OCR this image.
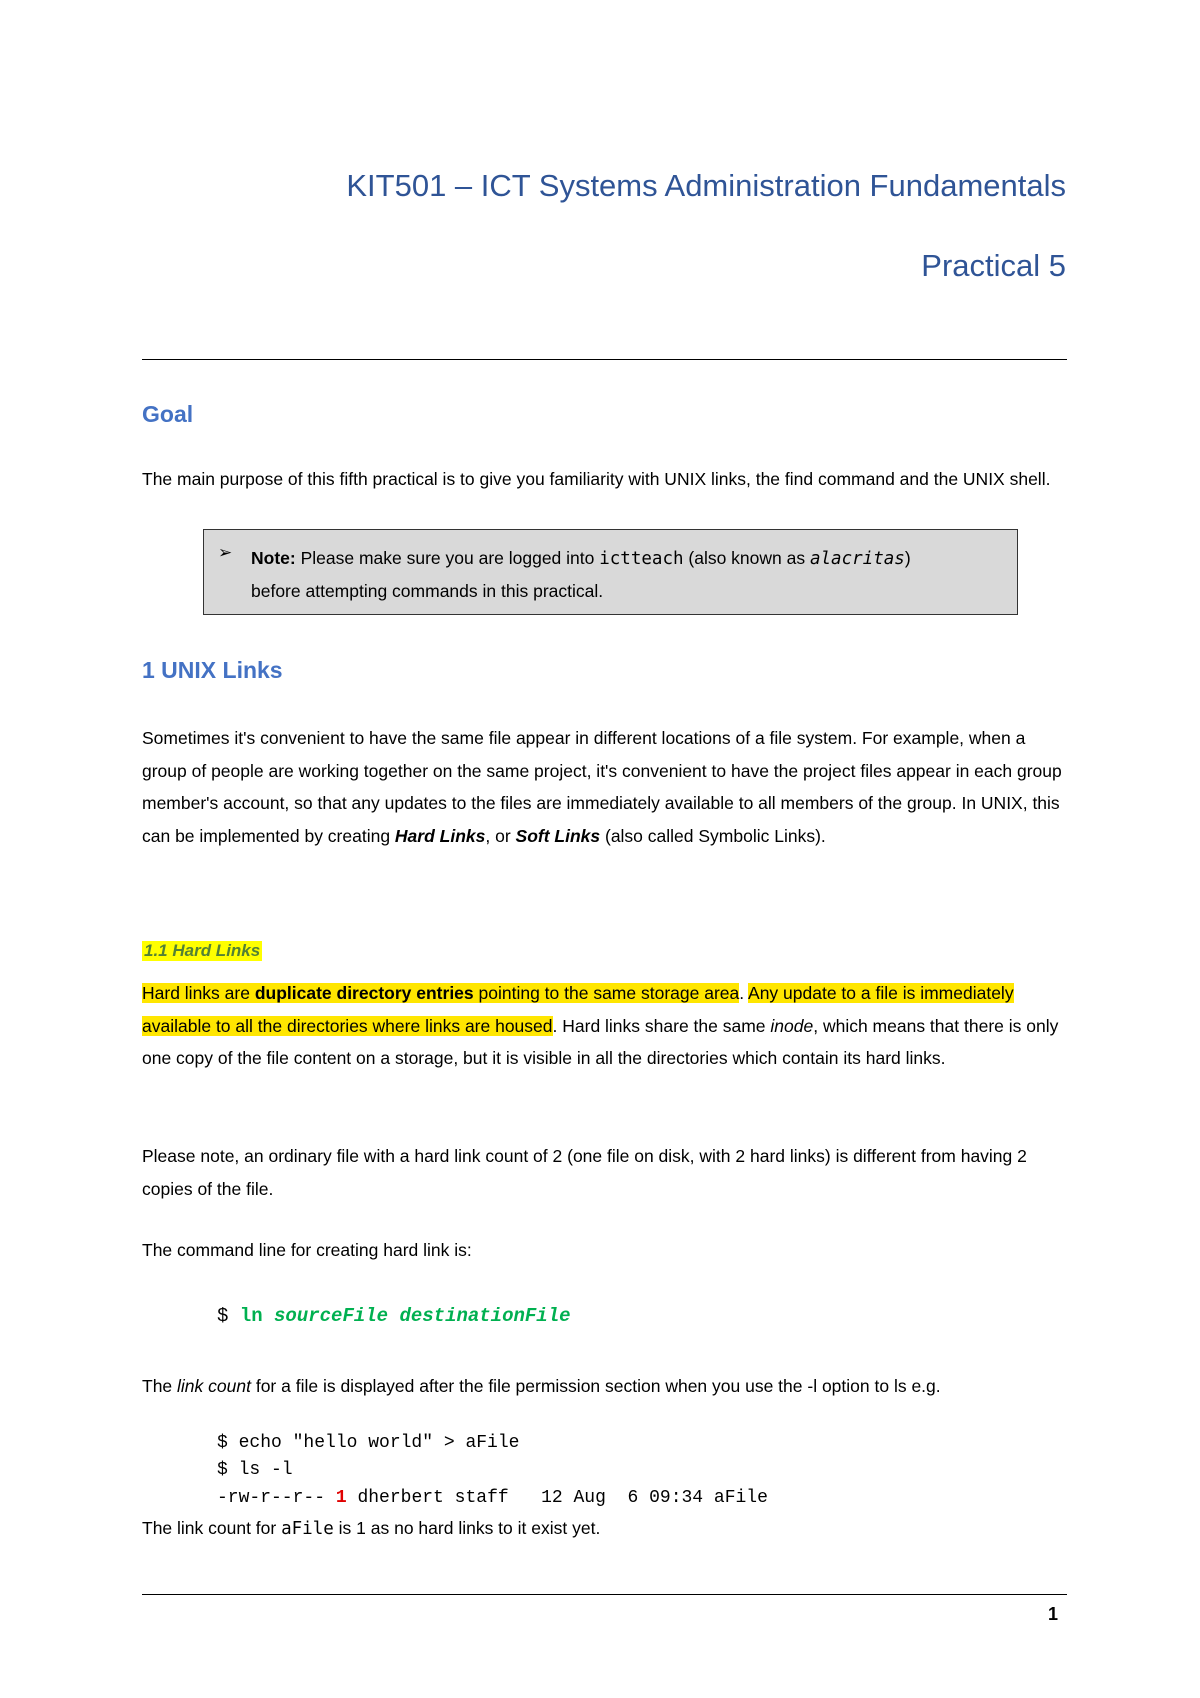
KIT501 – ICT Systems Administration Fundamentals
Practical 5
Goal

The main purpose of this fifth practical is to give you familiarity with UNIX links, the find command and the UNIX shell.

➢ Note: Please make sure you are logged into ictteach (also known as alacritas) before attempting commands in this practical.

1 UNIX Links

Sometimes it's convenient to have the same file appear in different locations of a file system. For example, when a group of people are working together on the same project, it's convenient to have the project files appear in each group member's account, so that any updates to the files are immediately available to all members of the group. In UNIX, this can be implemented by creating Hard Links, or Soft Links (also called Symbolic Links).

1.1 Hard Links

Hard links are duplicate directory entries pointing to the same storage area. Any update to a file is immediately available to all the directories where links are housed. Hard links share the same inode, which means that there is only one copy of the file content on a storage, but it is visible in all the directories which contain its hard links.

Please note, an ordinary file with a hard link count of 2 (one file on disk, with 2 hard links) is different from having 2 copies of the file.

The command line for creating hard link is:

$ ln sourceFile destinationFile

The link count for a file is displayed after the file permission section when you use the -l option to ls e.g.

$ echo "hello world" > aFile

$ ls -l

-rw-r--r-- 1 dherbert staff   12 Aug  6 09:34 aFile

The link count for aFile is 1 as no hard links to it exist yet.

1
